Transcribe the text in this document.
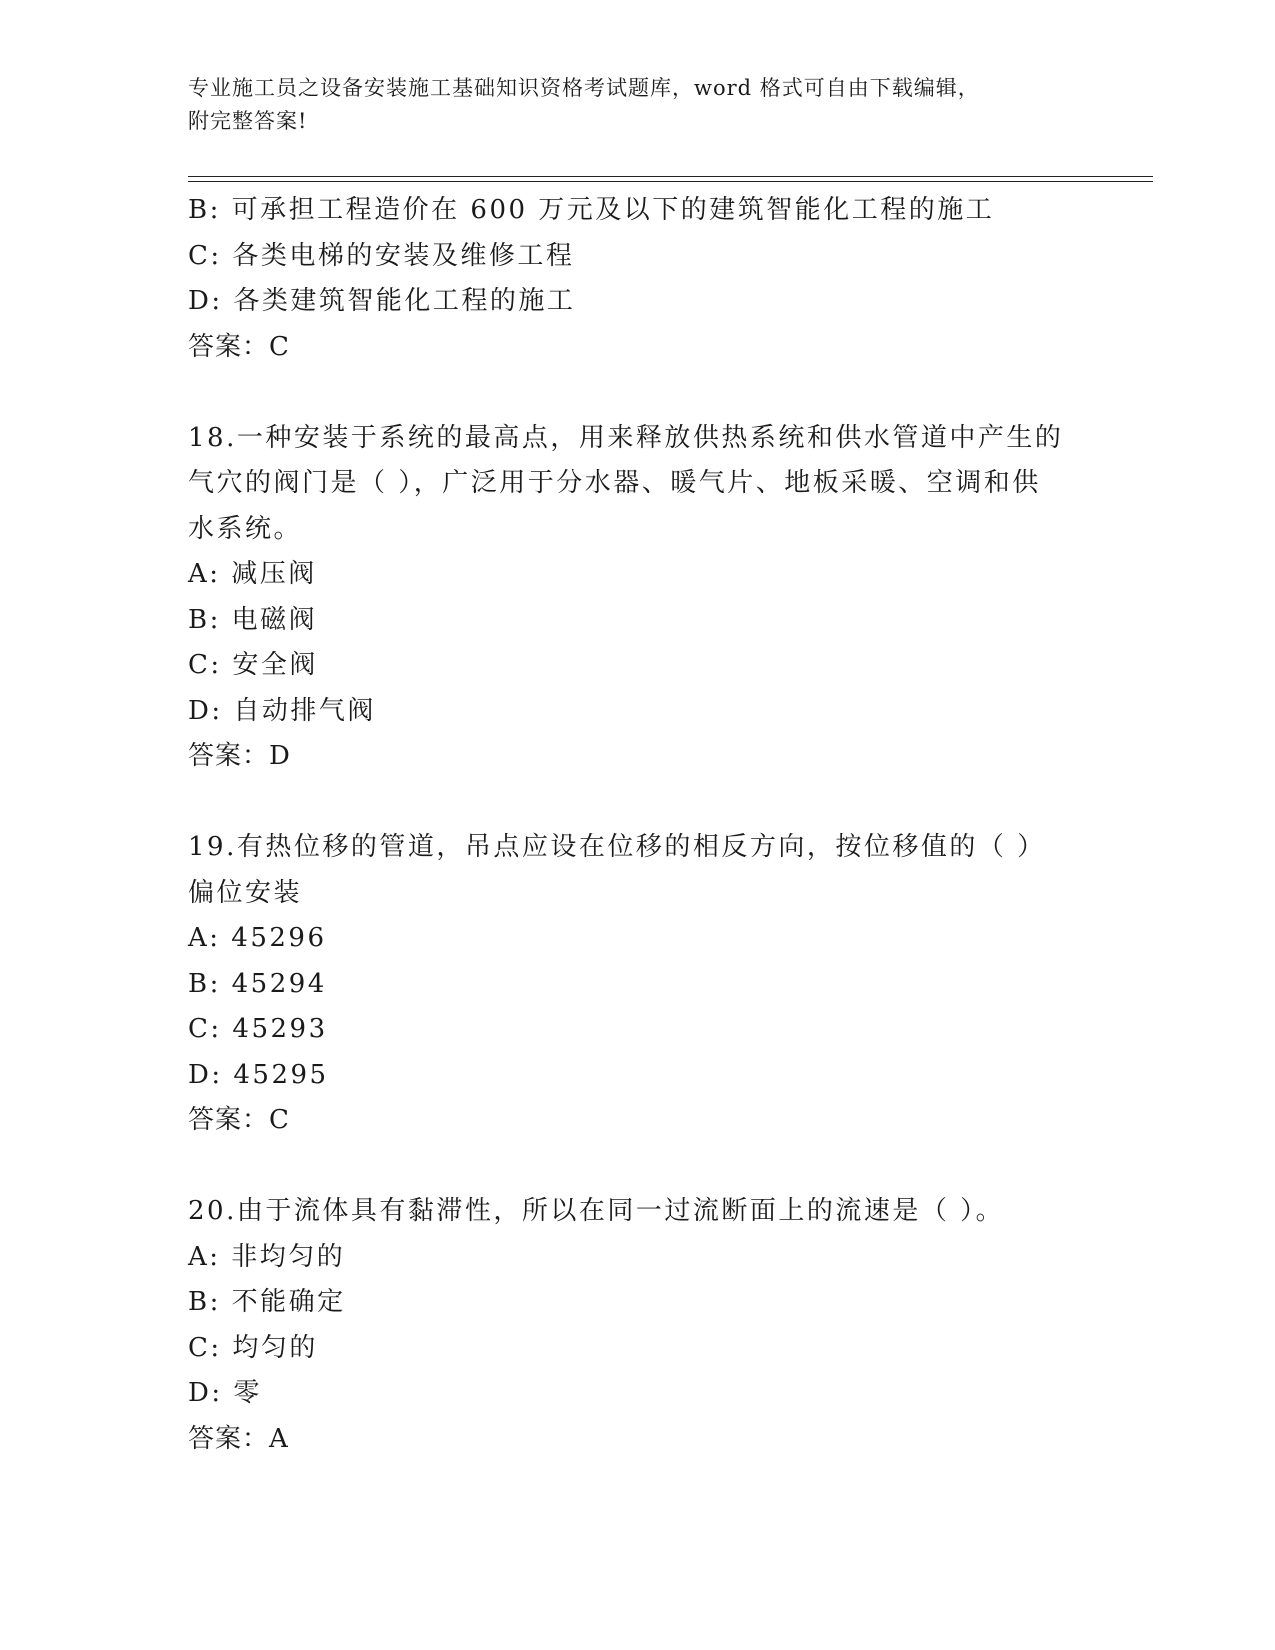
专业施工员之设备安装施工基础知识资格考试题库，word 格式可自由下载编辑，
附完整答案!
B: 可承担工程造价在 600 万元及以下的建筑智能化工程的施工
C: 各类电梯的安装及维修工程
D: 各类建筑智能化工程的施工
答案：C
18.一种安装于系统的最高点，用来释放供热系统和供水管道中产生的
气穴的阀门是（ ），广泛用于分水器、暖气片、地板采暖、空调和供
水系统。
A: 减压阀
B: 电磁阀
C: 安全阀
D: 自动排气阀
答案：D
19.有热位移的管道，吊点应设在位移的相反方向，按位移值的（ ）
偏位安装
A: 45296
B: 45294
C: 45293
D: 45295
答案：C
20.由于流体具有黏滞性，所以在同一过流断面上的流速是（ ）。
A: 非均匀的
B: 不能确定
C: 均匀的
D: 零
答案：A
